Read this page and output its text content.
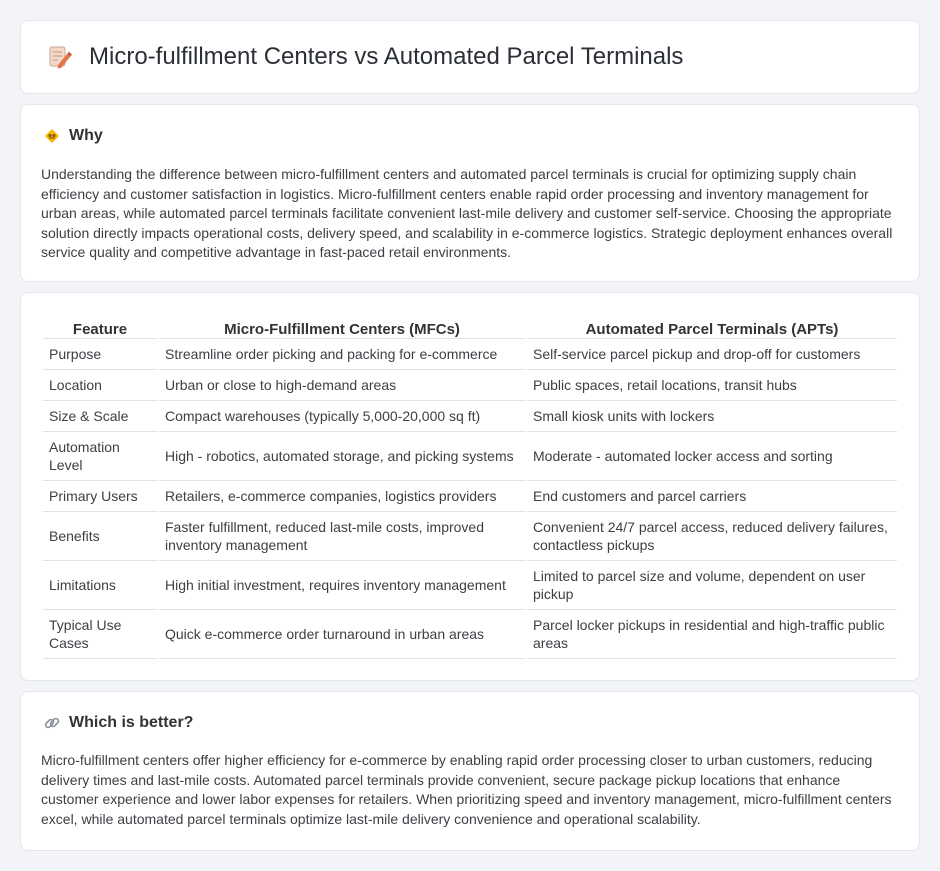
Micro-fulfillment Centers vs Automated Parcel Terminals
Why

Understanding the difference between micro-fulfillment centers and automated parcel terminals is crucial for optimizing supply chain efficiency and customer satisfaction in logistics. Micro-fulfillment centers enable rapid order processing and inventory management for urban areas, while automated parcel terminals facilitate convenient last-mile delivery and customer self-service. Choosing the appropriate solution directly impacts operational costs, delivery speed, and scalability in e-commerce logistics. Strategic deployment enhances overall service quality and competitive advantage in fast-paced retail environments.

Feature	Micro-Fulfillment Centers (MFCs)	Automated Parcel Terminals (APTs)
Purpose	Streamline order picking and packing for e-commerce	Self-service parcel pickup and drop-off for customers
Location	Urban or close to high-demand areas	Public spaces, retail locations, transit hubs
Size & Scale	Compact warehouses (typically 5,000-20,000 sq ft)	Small kiosk units with lockers
Automation Level	High - robotics, automated storage, and picking systems	Moderate - automated locker access and sorting
Primary Users	Retailers, e-commerce companies, logistics providers	End customers and parcel carriers
Benefits	Faster fulfillment, reduced last-mile costs, improved inventory management	Convenient 24/7 parcel access, reduced delivery failures, contactless pickups
Limitations	High initial investment, requires inventory management	Limited to parcel size and volume, dependent on user pickup
Typical Use Cases	Quick e-commerce order turnaround in urban areas	Parcel locker pickups in residential and high-traffic public areas
Which is better?

Micro-fulfillment centers offer higher efficiency for e-commerce by enabling rapid order processing closer to urban customers, reducing delivery times and last-mile costs. Automated parcel terminals provide convenient, secure package pickup locations that enhance customer experience and lower labor expenses for retailers. When prioritizing speed and inventory management, micro-fulfillment centers excel, while automated parcel terminals optimize last-mile delivery convenience and operational scalability.
